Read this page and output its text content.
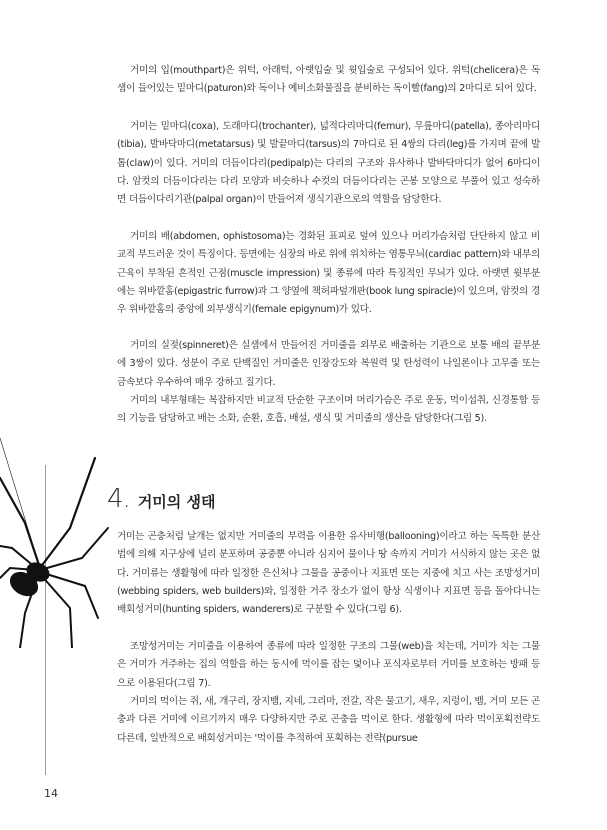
거미의 입(mouthpart)은 위턱, 아래턱, 아랫입술 및 윗입술로 구성되어 있다. 위턱(chelicera)은 독샘이 들어있는 밑마디(paturon)와 독이나 예비소화물질을 분비하는 독이빨(fang)의 2마디로 되어 있다.
거미는 밑마디(coxa), 도래마디(trochanter), 넓적다리마디(femur), 무릎마디(patella), 종아리마디(tibia), 발바닥마디(metatarsus) 및 발끝마디(tarsus)의 7마디로 된 4쌍의 다리(leg)를 가지며 끝에 발톱(claw)이 있다. 거미의 더듬이다리(pedipalp)는 다리의 구조와 유사하나 발바닥마디가 없어 6마디이다. 암컷의 더듬이다리는 다리 모양과 비슷하나 수컷의 더듬이다리는 곤봉 모양으로 부풀어 있고 성숙하면 더듬이다리기관(palpal organ)이 만들어져 생식기관으로의 역할을 담당한다.
거미의 배(abdomen, ophistosoma)는 경화된 표피로 덮여 있으나 머리가슴처럼 단단하지 않고 비교적 부드러운 것이 특징이다. 등면에는 심장의 바로 위에 위치하는 염통무늬(cardiac pattern)와 내부의 근육이 부착된 흔적인 근점(muscle impression) 및 종류에 따라 특징적인 무늬가 있다. 아랫면 윗부분에는 위바깥홈(epigastric furrow)과 그 양옆에 책허파덮개판(book lung spiracle)이 있으며, 암컷의 경우 위바깥홈의 중앙에 외부생식기(female epigynum)가 있다.
거미의 실젖(spinneret)은 실샘에서 만들어진 거미줄을 외부로 배출하는 기관으로 보통 배의 끝부분에 3쌍이 있다. 성분이 주로 단백질인 거미줄은 인장강도와 복원력 및 탄성력이 나일론이나 고무줄 또는 금속보다 우수하여 매우 강하고 질기다.
거미의 내부형태는 복잡하지만 비교적 단순한 구조이며 머리가슴은 주로 운동, 먹이섭취, 신경통합 등의 기능을 담당하고 배는 소화, 순환, 호흡, 배설, 생식 및 거미줄의 생산을 담당한다(그림 5).
4. 거미의 생태
거미는 곤충처럼 날개는 없지만 거미줄의 부력을 이용한 유사비행(ballooning)이라고 하는 독특한 분산법에 의해 지구상에 널리 분포하며 공중뿐 아니라 심지어 물이나 땅 속까지 거미가 서식하지 않는 곳은 없다. 거미류는 생활형에 따라 일정한 은신처나 그물을 공중이나 지표면 또는 지중에 치고 사는 조망성거미(webbing spiders, web builders)와, 일정한 거주 장소가 없이 항상 식생이나 지표면 등을 돌아다니는 배회성거미(hunting spiders, wanderers)로 구분할 수 있다(그림 6).
조망성거미는 거미줄을 이용하여 종류에 따라 일정한 구조의 그물(web)을 치는데, 거미가 치는 그물은 거미가 거주하는 집의 역할을 하는 동시에 먹이를 잡는 덫이나 포식자로부터 거미를 보호하는 방패 등으로 이용된다(그림 7).
거미의 먹이는 쥐, 새, 개구리, 장지뱀, 지네, 그리마, 전갈, 작은 물고기, 새우, 지렁이, 뱀, 거미 모든 곤충과 다른 거미에 이르기까지 매우 다양하지만 주로 곤충을 먹이로 한다. 생활형에 따라 먹이포획전략도 다른데, 일반적으로 배회성거미는 '먹이를 추적하여 포획하는 전략(pursue
14
